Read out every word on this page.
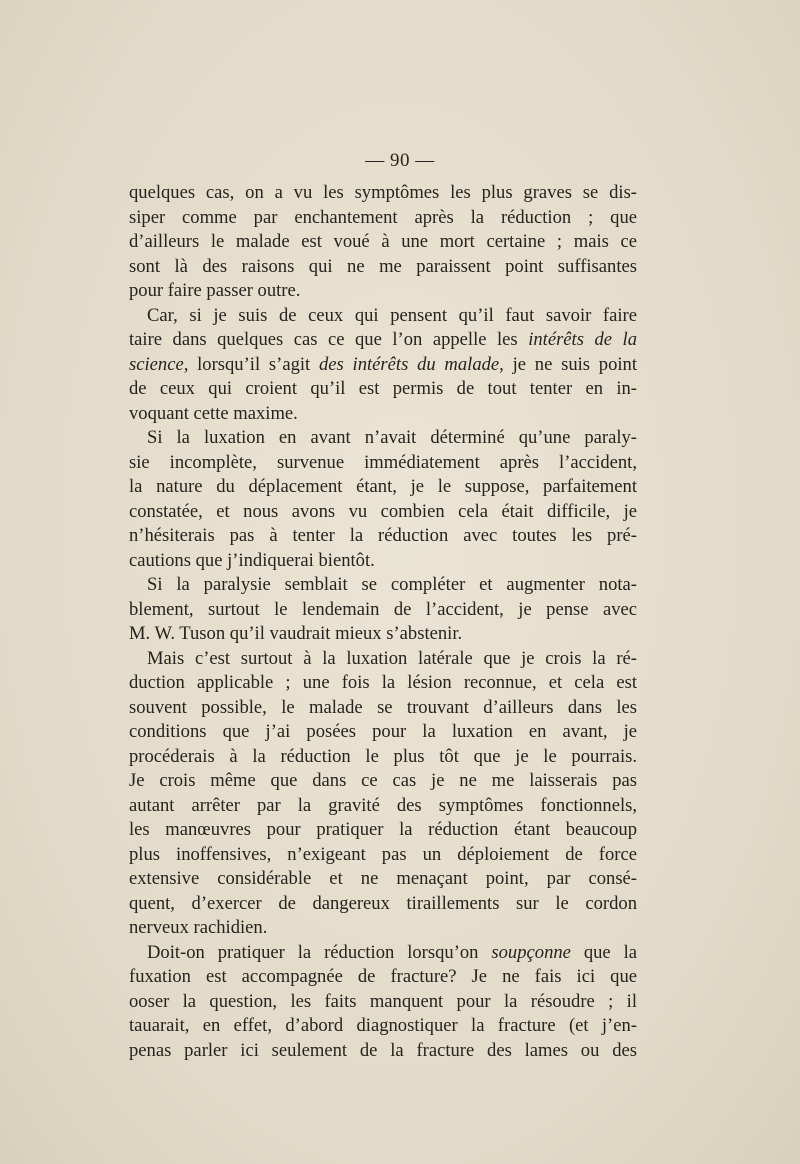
— 90 —
quelques cas, on a vu les symptômes les plus graves se dis-
siper comme par enchantement après la réduction ; que
d’ailleurs le malade est voué à une mort certaine ; mais ce
sont là des raisons qui ne me paraissent point suffisantes
pour faire passer outre.
Car, si je suis de ceux qui pensent qu’il faut savoir faire
taire dans quelques cas ce que l’on appelle les intérêts de la
science, lorsqu’il s’agit des intérêts du malade, je ne suis point
de ceux qui croient qu’il est permis de tout tenter en in-
voquant cette maxime.
Si la luxation en avant n’avait déterminé qu’une paraly-
sie incomplète, survenue immédiatement après l’accident,
la nature du déplacement étant, je le suppose, parfaitement
constatée, et nous avons vu combien cela était difficile, je
n’hésiterais pas à tenter la réduction avec toutes les pré-
cautions que j’indiquerai bientôt.
Si la paralysie semblait se compléter et augmenter nota-
blement, surtout le lendemain de l’accident, je pense avec
M. W. Tuson qu’il vaudrait mieux s’abstenir.
Mais c’est surtout à la luxation latérale que je crois la ré-
duction applicable ; une fois la lésion reconnue, et cela est
souvent possible, le malade se trouvant d’ailleurs dans les
conditions que j’ai posées pour la luxation en avant, je
procéderais à la réduction le plus tôt que je le pourrais.
Je crois même que dans ce cas je ne me laisserais pas
autant arrêter par la gravité des symptômes fonctionnels,
les manœuvres pour pratiquer la réduction étant beaucoup
plus inoffensives, n’exigeant pas un déploiement de force
extensive considérable et ne menaçant point, par consé-
quent, d’exercer de dangereux tiraillements sur le cordon
nerveux rachidien.
Doit-on pratiquer la réduction lorsqu’on soupçonne que la
fuxation est accompagnée de fracture? Je ne fais ici que
ooser la question, les faits manquent pour la résoudre ; il
tauarait, en effet, d’abord diagnostiquer la fracture (et j’en-
penas parler ici seulement de la fracture des lames ou des
